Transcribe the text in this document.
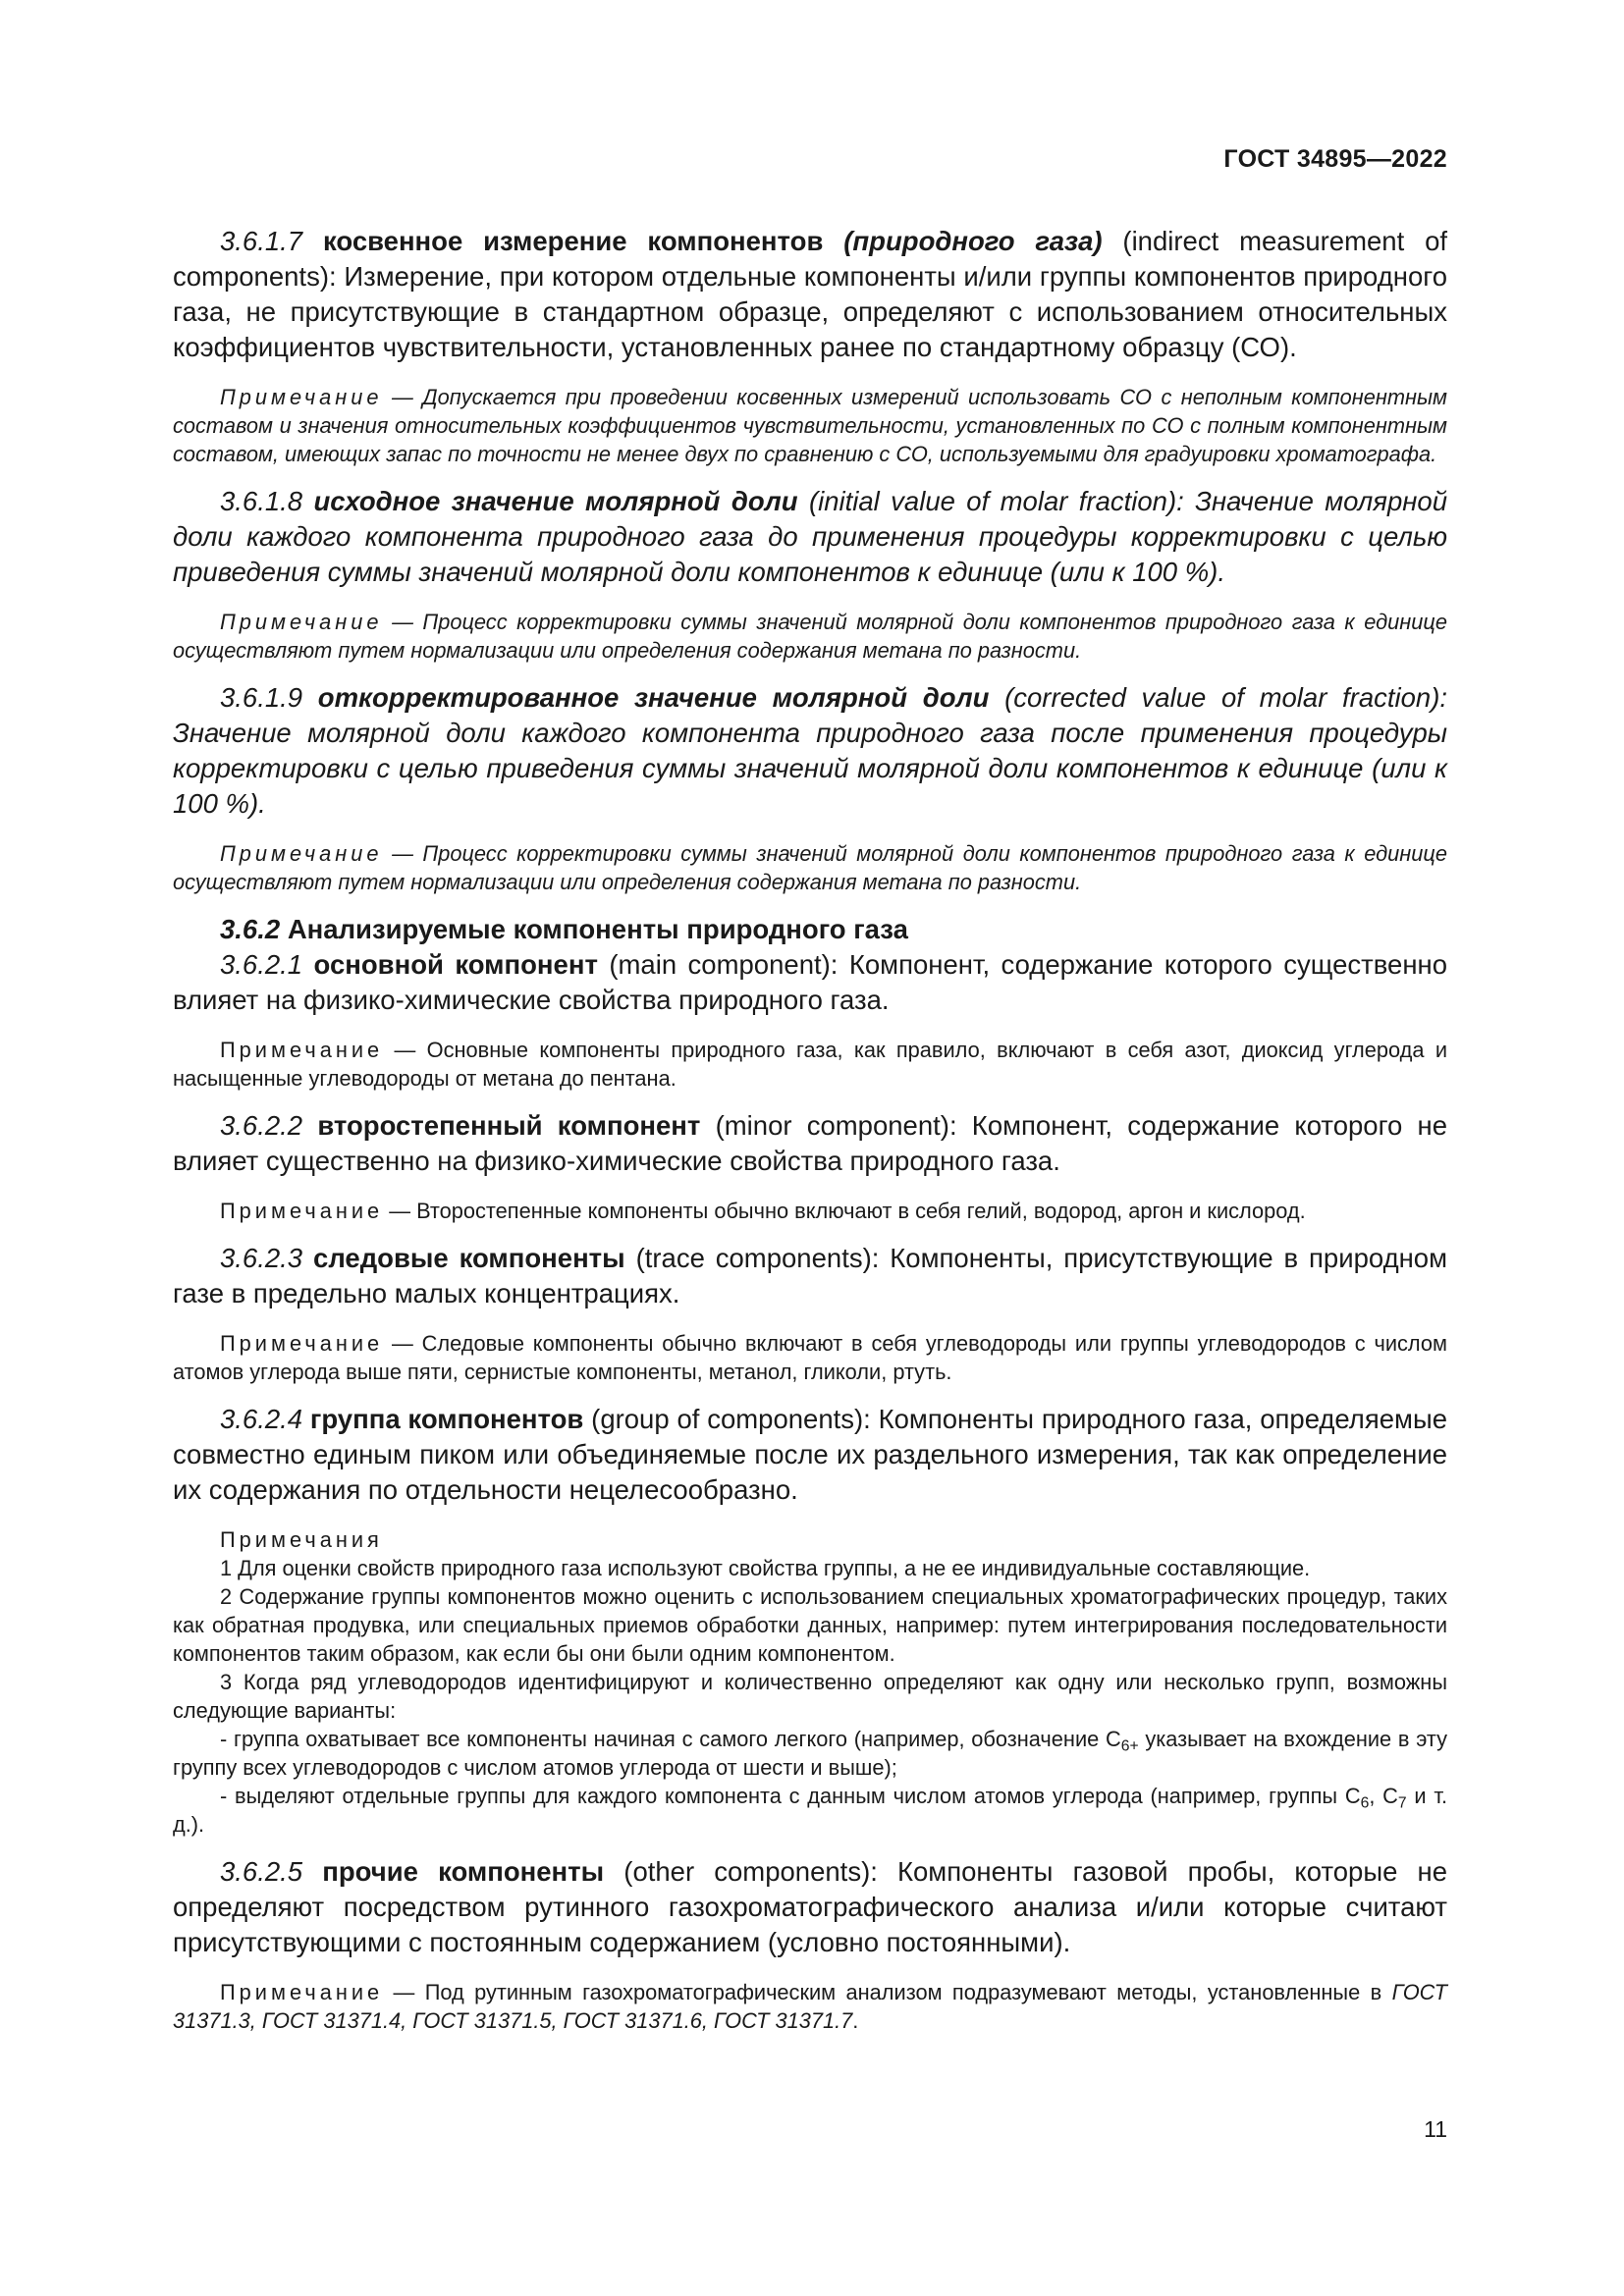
ГОСТ 34895—2022

3.6.1.7 косвенное измерение компонентов (природного газа) (indirect measurement of components): Измерение, при котором отдельные компоненты и/или группы компонентов природного газа, не присутствующие в стандартном образце, определяют с использованием относительных коэффициентов чувствительности, установленных ранее по стандартному образцу (СО).

Примечание — Допускается при проведении косвенных измерений использовать СО с неполным компонентным составом и значения относительных коэффициентов чувствительности, установленных по СО с полным компонентным составом, имеющих запас по точности не менее двух по сравнению с СО, используемыми для градуировки хроматографа.

3.6.1.8 исходное значение молярной доли (initial value of molar fraction): Значение молярной доли каждого компонента природного газа до применения процедуры корректировки с целью приведения суммы значений молярной доли компонентов к единице (или к 100 %).

Примечание — Процесс корректировки суммы значений молярной доли компонентов природного газа к единице осуществляют путем нормализации или определения содержания метана по разности.

3.6.1.9 откорректированное значение молярной доли (corrected value of molar fraction): Значение молярной доли каждого компонента природного газа после применения процедуры корректировки с целью приведения суммы значений молярной доли компонентов к единице (или к 100 %).

Примечание — Процесс корректировки суммы значений молярной доли компонентов природного газа к единице осуществляют путем нормализации или определения содержания метана по разности.

3.6.2 Анализируемые компоненты природного газа

3.6.2.1 основной компонент (main component): Компонент, содержание которого существенно влияет на физико-химические свойства природного газа.

Примечание — Основные компоненты природного газа, как правило, включают в себя азот, диоксид углерода и насыщенные углеводороды от метана до пентана.

3.6.2.2 второстепенный компонент (minor component): Компонент, содержание которого не влияет существенно на физико-химические свойства природного газа.

Примечание — Второстепенные компоненты обычно включают в себя гелий, водород, аргон и кислород.

3.6.2.3 следовые компоненты (trace components): Компоненты, присутствующие в природном газе в предельно малых концентрациях.

Примечание — Следовые компоненты обычно включают в себя углеводороды или группы углеводородов с числом атомов углерода выше пяти, сернистые компоненты, метанол, гликоли, ртуть.

3.6.2.4 группа компонентов (group of components): Компоненты природного газа, определяемые совместно единым пиком или объединяемые после их раздельного измерения, так как определение их содержания по отдельности нецелесообразно.

Примечания

1 Для оценки свойств природного газа используют свойства группы, а не ее индивидуальные составляющие.

2 Содержание группы компонентов можно оценить с использованием специальных хроматографических процедур, таких как обратная продувка, или специальных приемов обработки данных, например: путем интегрирования последовательности компонентов таким образом, как если бы они были одним компонентом.

3 Когда ряд углеводородов идентифицируют и количественно определяют как одну или несколько групп, возможны следующие варианты:

- группа охватывает все компоненты начиная с самого легкого (например, обозначение $С_{6+}$ указывает на вхождение в эту группу всех углеводородов с числом атомов углерода от шести и выше);

- выделяют отдельные группы для каждого компонента с данным числом атомов углерода (например, группы $С_6$, $С_7$ и т. д.).

3.6.2.5 прочие компоненты (other components): Компоненты газовой пробы, которые не определяют посредством рутинного газохроматографического анализа и/или которые считают присутствующими с постоянным содержанием (условно постоянными).

Примечание — Под рутинным газохроматографическим анализом подразумевают методы, установленные в ГОСТ 31371.3, ГОСТ 31371.4, ГОСТ 31371.5, ГОСТ 31371.6, ГОСТ 31371.7.

11
